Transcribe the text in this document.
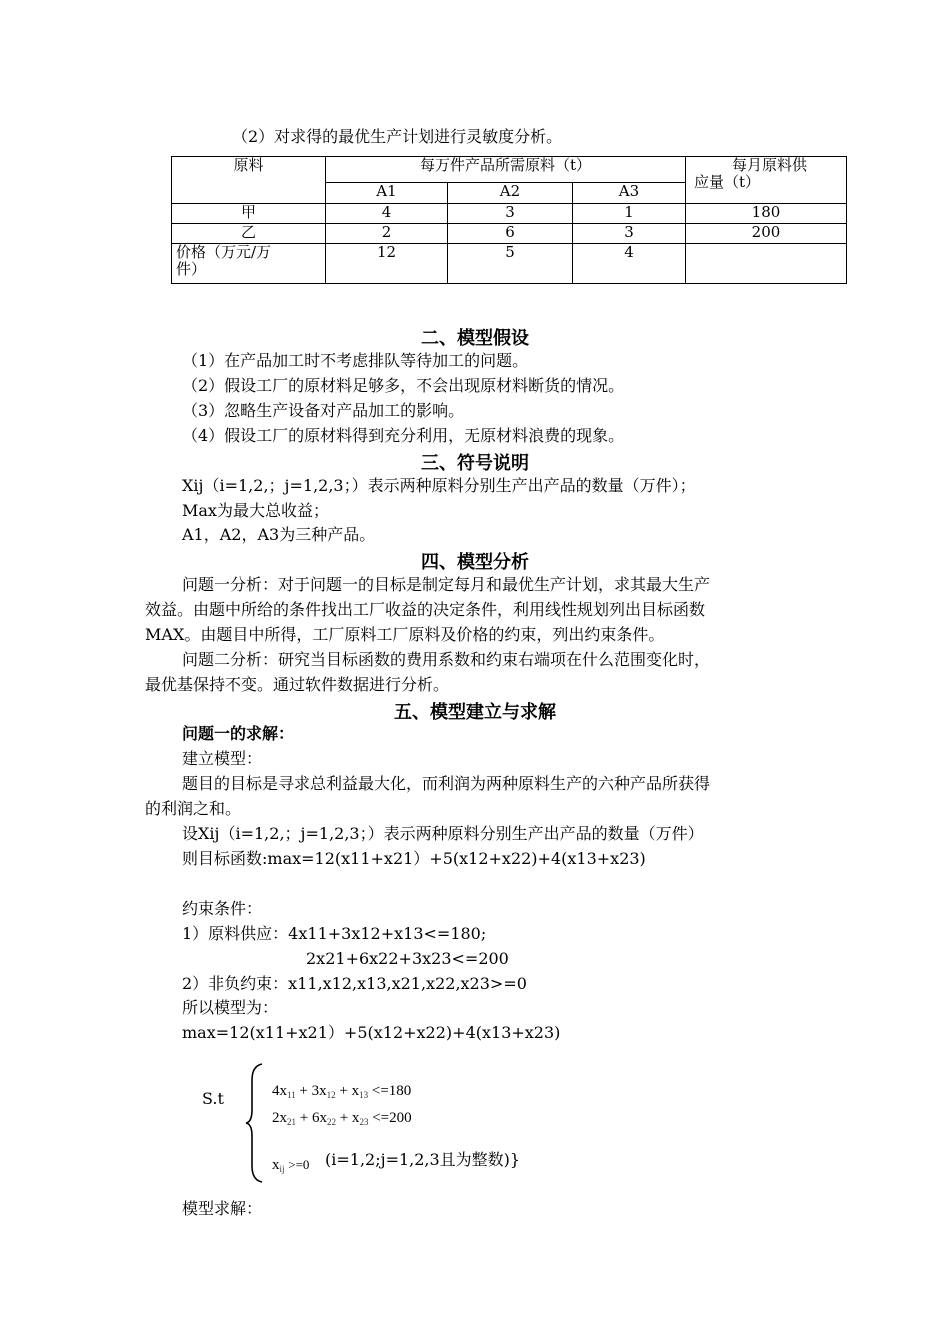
（2）对求得的最优生产计划进行灵敏度分析。
原料	每万件产品所需原料（t）			每月原料供
应量（t）

	A1	A2	A3	
甲	4	3	1	180
乙	2	6	3	200

价格（万元/万
件）	12	5	4	
二、模型假设
（1）在产品加工时不考虑排队等待加工的问题。
（2）假设工厂的原材料足够多，不会出现原材料断货的情况。
（3）忽略生产设备对产品加工的影响。
（4）假设工厂的原材料得到充分利用，无原材料浪费的现象。
三、符号说明
Xij（i=1,2,；j=1,2,3；）表示两种原料分别生产出产品的数量（万件）；
Max为最大总收益；
A1，A2，A3为三种产品。
四、模型分析
问题一分析：对于问题一的目标是制定每月和最优生产计划，求其最大生产
效益。由题中所给的条件找出工厂收益的决定条件，利用线性规划列出目标函数
MAX。由题目中所得，工厂原料工厂原料及价格的约束，列出约束条件。
问题二分析：研究当目标函数的费用系数和约束右端项在什么范围变化时，
最优基保持不变。通过软件数据进行分析。
五、模型建立与求解
问题一的求解：
建立模型：
题目的目标是寻求总利益最大化，而利润为两种原料生产的六种产品所获得
的利润之和。
设Xij（i=1,2,；j=1,2,3；）表示两种原料分别生产出产品的数量（万件）
则目标函数:max=12(x11+x21）+5(x12+x22)+4(x13+x23)
约束条件：
1）原料供应：4x11+3x12+x13<=180;
2x21+6x22+3x23<=200
2）非负约束：x11,x12,x13,x21,x22,x23>=0
所以模型为：
max=12(x11+x21）+5(x12+x22)+4(x13+x23)
S.t	$4x_{11} + 3x_{12} + x_{13} <=180$
$2x_{21} + 6x_{22} + x_{23} <=200$
$x_{ij} >=0$ (i=1,2;j=1,2,3且为整数)}
模型求解：
